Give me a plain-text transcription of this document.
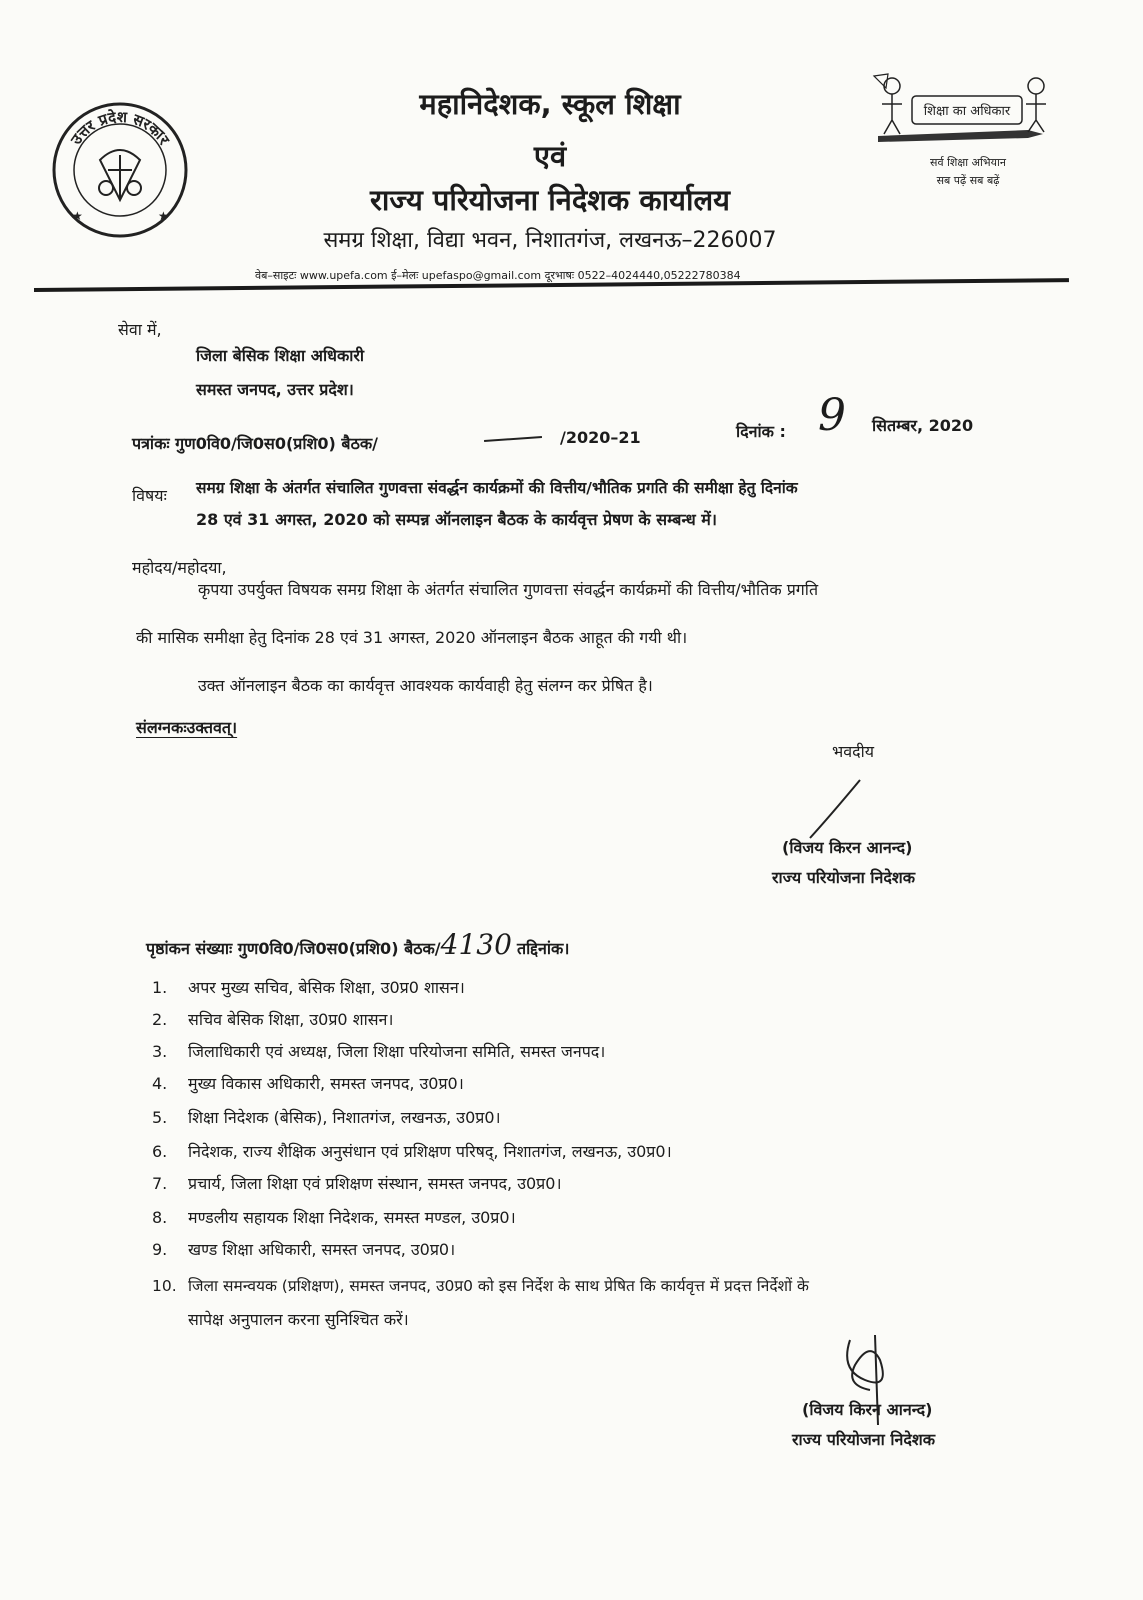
उत्तर प्रदेश सरकार
★	★
शिक्षा का अधिकार
सर्व शिक्षा अभियान
सब पढ़ें सब बढ़ें
महानिदेशक, स्कूल शिक्षा
एवं
राज्य परियोजना निदेशक कार्यालय
समग्र शिक्षा, विद्या भवन, निशातगंज, लखनऊ–226007
वेब–साइटः www.upefa.com ई–मेलः upefaspo@gmail.com दूरभाषः 0522–4024440,05222780384
सेवा में,
जिला बेसिक शिक्षा अधिकारी
समस्त जनपद, उत्तर प्रदेश।
पत्रांकः गुण0वि0/जि0स0(प्रशि0) बैठक/	/2020–21	दिनांक : 9 सितम्बर, 2020
विषयः समग्र शिक्षा के अंतर्गत संचालित गुणवत्ता संवर्द्धन कार्यक्रमों की वित्तीय/भौतिक प्रगति की समीक्षा हेतु दिनांक
28 एवं 31 अगस्त, 2020 को सम्पन्न ऑनलाइन बैठक के कार्यवृत्त प्रेषण के सम्बन्ध में।
महोदय/महोदया,
कृपया उपर्युक्त विषयक समग्र शिक्षा के अंतर्गत संचालित गुणवत्ता संवर्द्धन कार्यक्रमों की वित्तीय/भौतिक प्रगति
की मासिक समीक्षा हेतु दिनांक 28 एवं 31 अगस्त, 2020 ऑनलाइन बैठक आहूत की गयी थी।
उक्त ऑनलाइन बैठक का कार्यवृत्त आवश्यक कार्यवाही हेतु संलग्न कर प्रेषित है।
संलग्नकःउक्तवत्।
भवदीय
(विजय किरन आनन्द)
राज्य परियोजना निदेशक
पृष्ठांकन संख्याः गुण0वि0/जि0स0(प्रशि0) बैठक/4130 तद्दिनांक।
1. अपर मुख्य सचिव, बेसिक शिक्षा, उ0प्र0 शासन।
2. सचिव बेसिक शिक्षा, उ0प्र0 शासन।
3. जिलाधिकारी एवं अध्यक्ष, जिला शिक्षा परियोजना समिति, समस्त जनपद।
4. मुख्य विकास अधिकारी, समस्त जनपद, उ0प्र0।
5. शिक्षा निदेशक (बेसिक), निशातगंज, लखनऊ, उ0प्र0।
6. निदेशक, राज्य शैक्षिक अनुसंधान एवं प्रशिक्षण परिषद्, निशातगंज, लखनऊ, उ0प्र0।
7. प्रचार्य, जिला शिक्षा एवं प्रशिक्षण संस्थान, समस्त जनपद, उ0प्र0।
8. मण्डलीय सहायक शिक्षा निदेशक, समस्त मण्डल, उ0प्र0।
9. खण्ड शिक्षा अधिकारी, समस्त जनपद, उ0प्र0।
10. जिला समन्वयक (प्रशिक्षण), समस्त जनपद, उ0प्र0 को इस निर्देश के साथ प्रेषित कि कार्यवृत्त में प्रदत्त निर्देशों के
सापेक्ष अनुपालन करना सुनिश्चित करें।
(विजय किरन आनन्द)
राज्य परियोजना निदेशक
